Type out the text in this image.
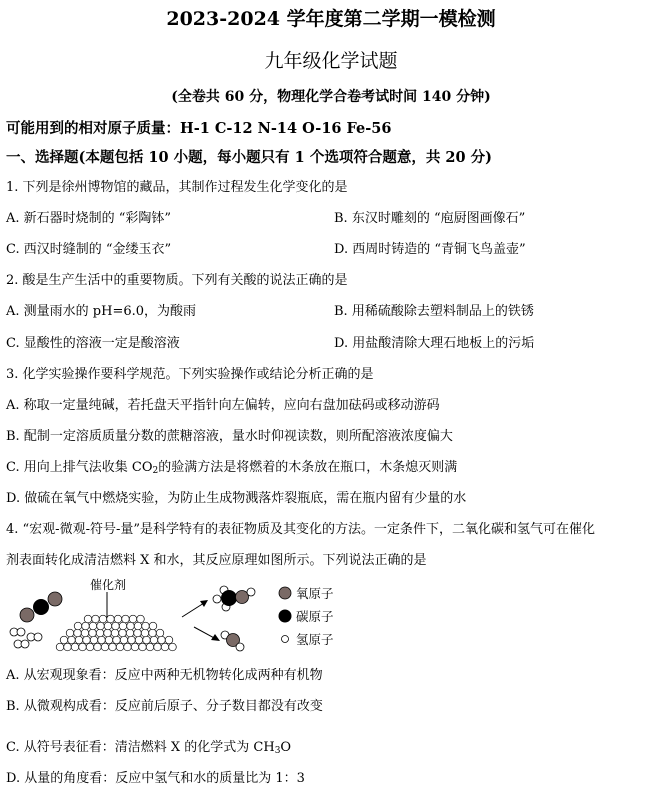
2023-2024 学年度第二学期一模检测
九年级化学试题
(全卷共 60 分，物理化学合卷考试时间 140 分钟)
可能用到的相对原子质量：H-1 C-12 N-14 O-16 Fe-56
一、选择题(本题包括 10 小题，每小题只有 1 个选项符合题意，共 20 分)
1. 下列是徐州博物馆的藏品，其制作过程发生化学变化的是
A. 新石器时烧制的 “彩陶钵”	B. 东汉时雕刻的 “庖厨图画像石”
C. 西汉时缝制的 “金缕玉衣”	D. 西周时铸造的 “青铜飞鸟盖壶”
2. 酸是生产生活中的重要物质。下列有关酸的说法正确的是
A. 测量雨水的 pH=6.0，为酸雨	B. 用稀硫酸除去塑料制品上的铁锈
C. 显酸性的溶液一定是酸溶液	D. 用盐酸清除大理石地板上的污垢
3. 化学实验操作要科学规范。下列实验操作或结论分析正确的是
A. 称取一定量纯碱，若托盘天平指针向左偏转，应向右盘加砝码或移动游码
B. 配制一定溶质质量分数的蔗糖溶液，量水时仰视读数，则所配溶液浓度偏大
C. 用向上排气法收集 $CO_2$的验满方法是将燃着的木条放在瓶口，木条熄灭则满
D. 做硫在氧气中燃烧实验，为防止生成物溅落炸裂瓶底，需在瓶内留有少量的水
4. “宏观-微观-符号-量”是科学特有的表征物质及其变化的方法。一定条件下，二氧化碳和氢气可在催化
剂表面转化成清洁燃料 X 和水，其反应原理如图所示。下列说法正确的是
催化剂
氧原子
碳原子
氢原子
A. 从宏观现象看：反应中两种无机物转化成两种有机物
B. 从微观构成看：反应前后原子、分子数目都没有改变
C. 从符号表征看：清洁燃料 X 的化学式为 $CH_3O$
D. 从量的角度看：反应中氢气和水的质量比为 1：3
